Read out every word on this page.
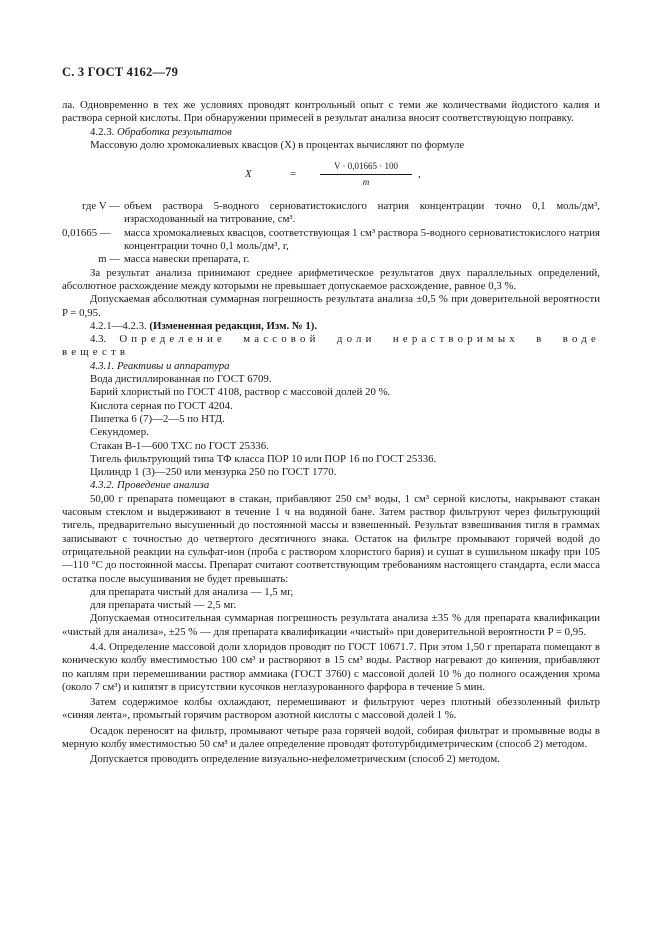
С. 3 ГОСТ 4162—79

ла. Одновременно в тех же условиях проводят контрольный опыт с теми же количествами йодистого калия и раствора серной кислоты. При обнаружении примесей в результат анализа вносят соответствующую поправку.

4.2.3. Обработка результатов

Массовую долю хромокалиевых квасцов (X) в процентах вычисляют по формуле

X	=	$\frac{V \cdot 0,01665 \cdot 100}{m}$ ,
где V — объем раствора 5-водного серноватистокислого натрия концентрации точно 0,1 моль/дм³, израсходованный на титрование, см³.
0,01665 —	масса хромокалиевых квасцов, соответствующая 1 см³ раствора 5-водного серноватистокислого натрия концентрации точно 0,1 моль/дм³, г,
m — масса навески препарата, г.

За результат анализа принимают среднее арифметическое результатов двух параллельных определений, абсолютное расхождение между которыми не превышает допускаемое расхождение, равное 0,3 %.

Допускаемая абсолютная суммарная погрешность результата анализа ±0,5 % при доверительной вероятности P = 0,95.

4.2.1—4.2.3. (Измененная редакция, Изм. № 1).

4.3. Определение массовой доли нерастворимых в воде веществ

4.3.1. Реактивы и аппаратура

Вода дистиллированная по ГОСТ 6709.

Барий хлористый по ГОСТ 4108, раствор с массовой долей 20 %.

Кислота серная по ГОСТ 4204.

Пипетка 6 (7)—2—5 по НТД.

Секундомер.

Стакан В-1—600 ТХС по ГОСТ 25336.

Тигель фильтрующий типа ТФ класса ПОР 10 или ПОР 16 по ГОСТ 25336.

Цилиндр 1 (3)—250 или мензурка 250 по ГОСТ 1770.

4.3.2. Проведение анализа

50,00 г препарата помещают в стакан, прибавляют 250 см³ воды, 1 см³ серной кислоты, накрывают стакан часовым стеклом и выдерживают в течение 1 ч на водяной бане. Затем раствор фильтруют через фильтрующий тигель, предварительно высушенный до постоянной массы и взвешенный. Результат взвешивания тигля в граммах записывают с точностью до четвертого десятичного знака. Остаток на фильтре промывают горячей водой до отрицательной реакции на сульфат-ион (проба с раствором хлористого бария) и сушат в сушильном шкафу при 105—110 °С до постоянной массы. Препарат считают соответствующим требованиям настоящего стандарта, если масса остатка после высушивания не будет превышать:

для препарата чистый для анализа — 1,5 мг,

для препарата чистый — 2,5 мг.

Допускаемая относительная суммарная погрешность результата анализа ±35 % для препарата квалификации «чистый для анализа», ±25 % — для препарата квалификации «чистый» при доверительной вероятности P = 0,95.

4.4. Определение массовой доли хлоридов проводят по ГОСТ 10671.7. При этом 1,50 г препарата помещают в коническую колбу вместимостью 100 см³ и растворяют в 15 см³ воды. Раствор нагревают до кипения, прибавляют по каплям при перемешивании раствор аммиака (ГОСТ 3760) с массовой долей 10 % до полного осаждения хрома (около 7 см³) и кипятят в присутствии кусочков неглазурованного фарфора в течение 5 мин.

Затем содержимое колбы охлаждают, перемешивают и фильтруют через плотный обеззоленный фильтр «синяя лента», промытый горячим раствором азотной кислоты с массовой долей 1 %.

Осадок переносят на фильтр, промывают четыре раза горячей водой, собирая фильтрат и промывные воды в мерную колбу вместимостью 50 см³ и далее определение проводят фототурбидиметрическим (способ 2) методом.

Допускается проводить определение визуально-нефелометрическим (способ 2) методом.
